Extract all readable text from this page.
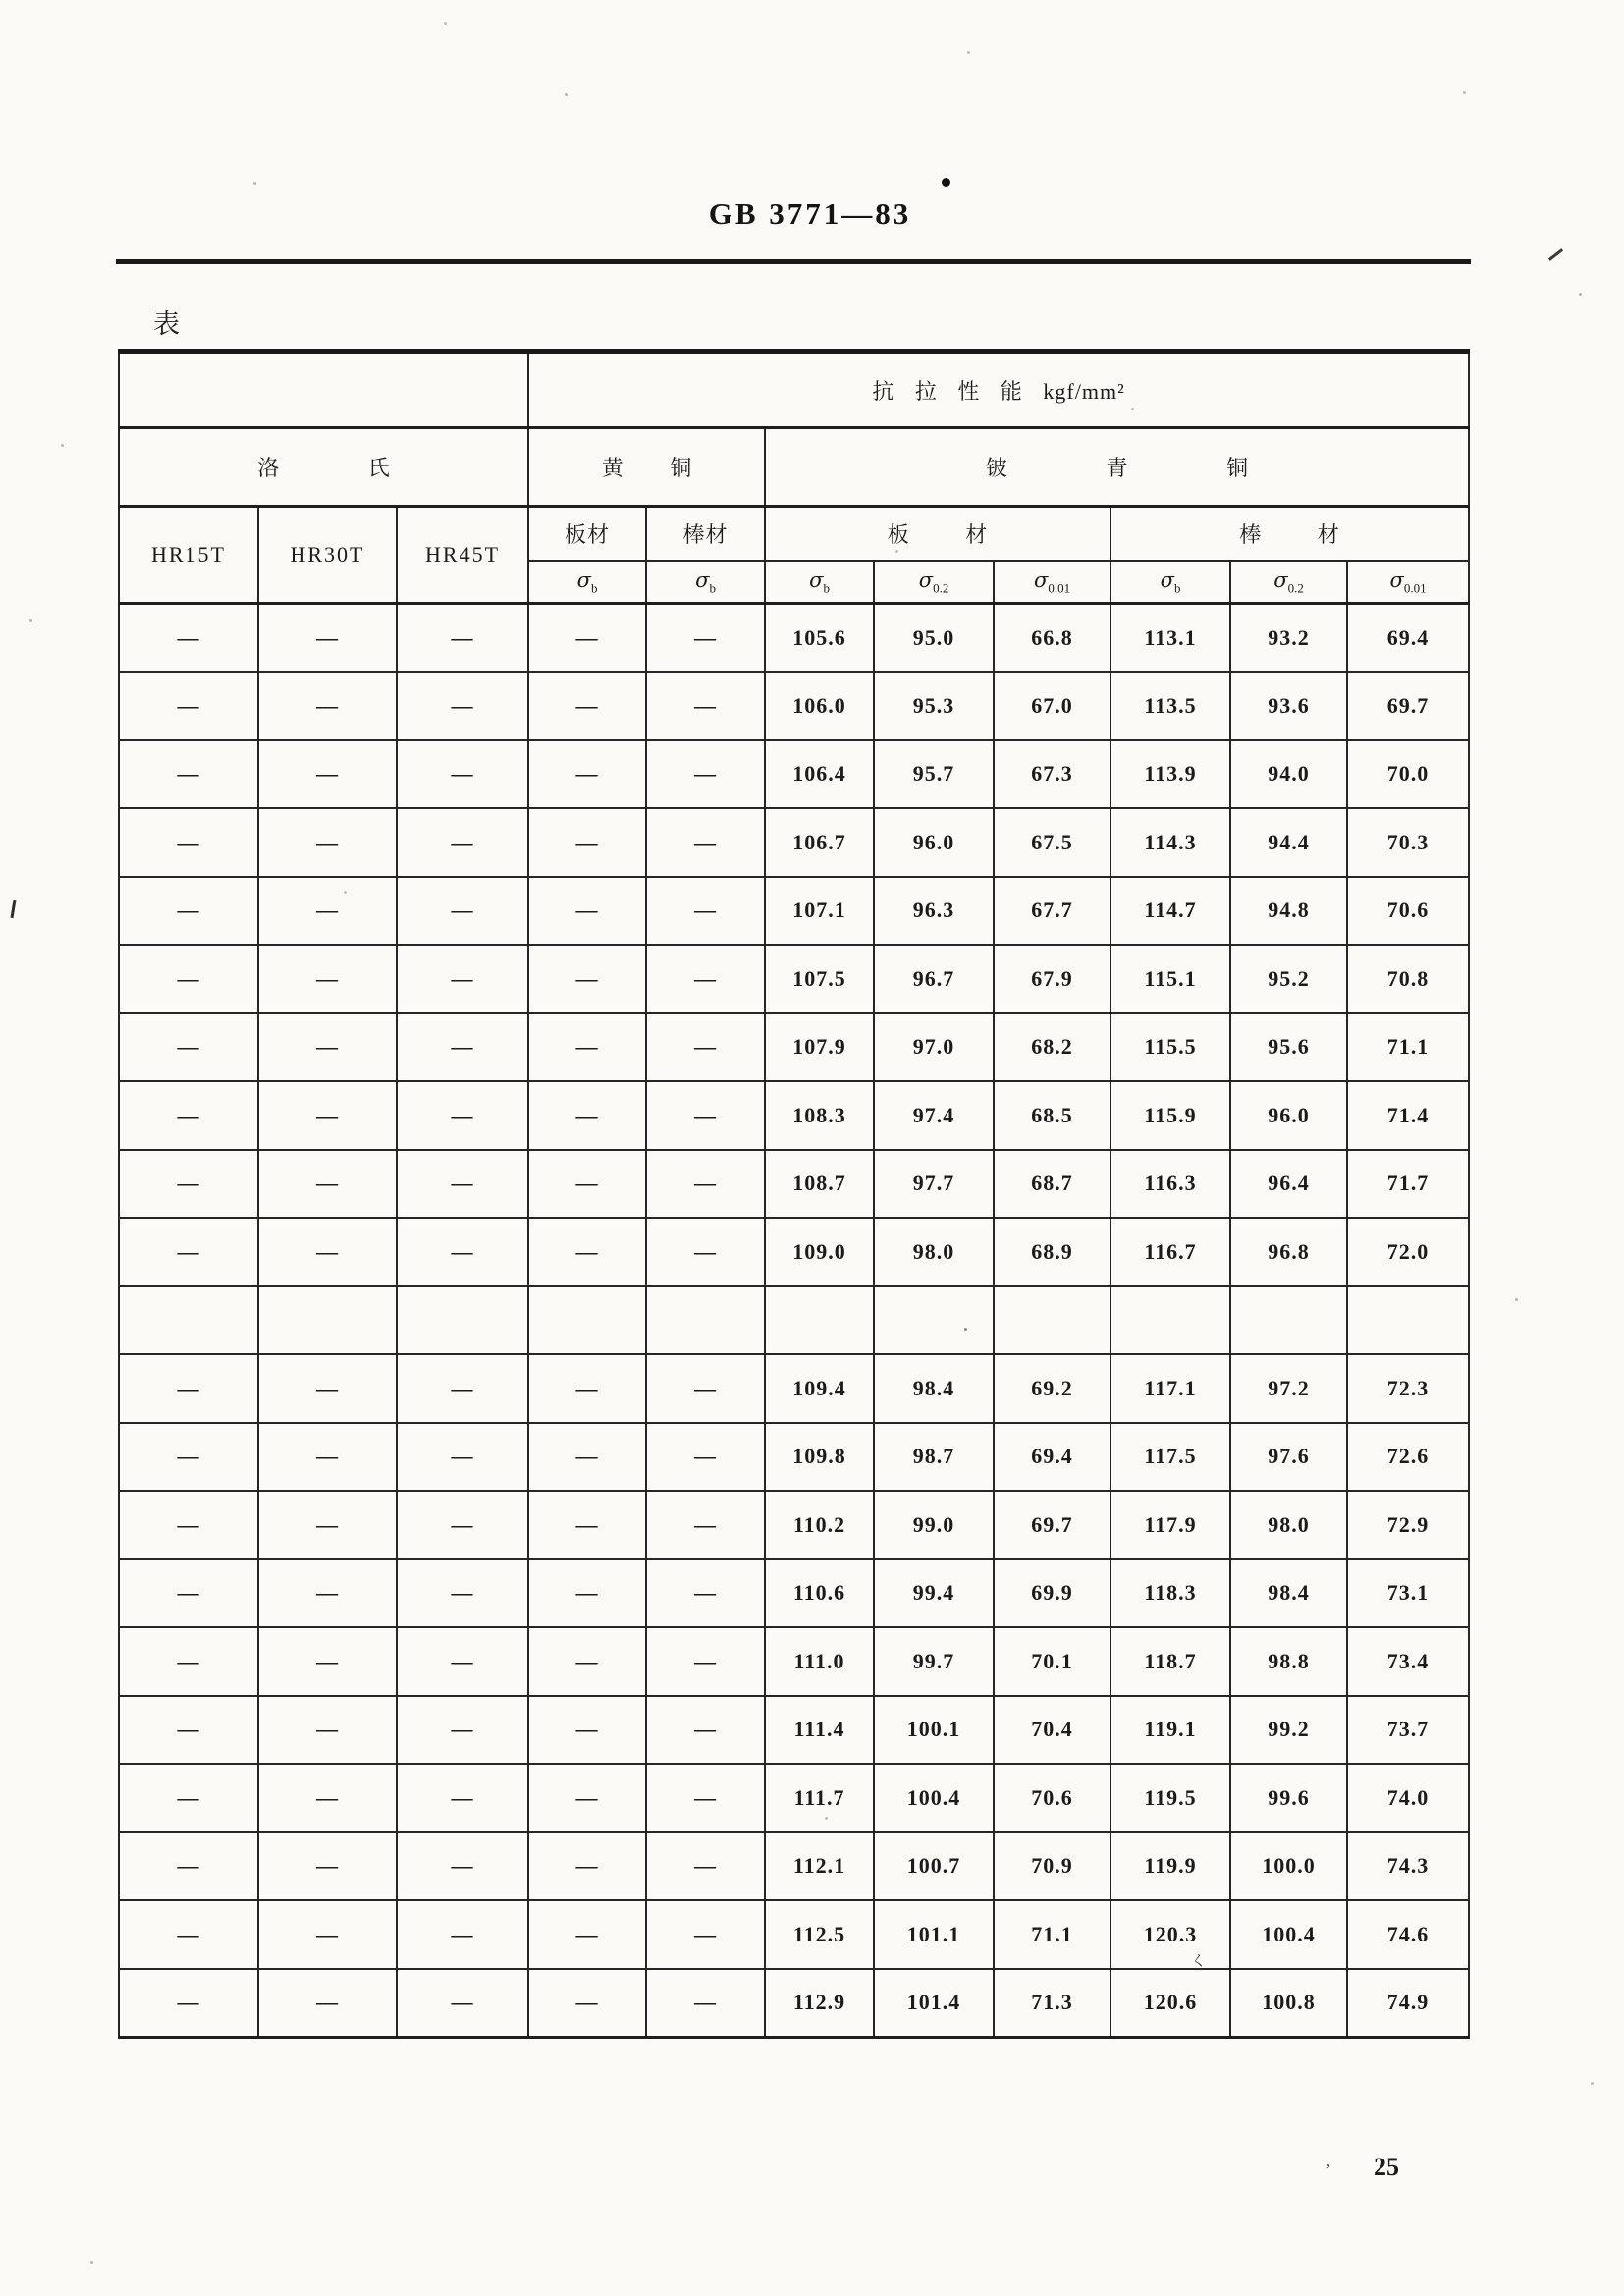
GB 3771—83
表
			抗 拉 性 能 kgf/mm²							
洛 氏			黄 铜		铍 青 铜					
HR15T	HR30T	HR45T	板材	棒材	板 材			棒 材		
			$\sigma_b$	$\sigma_b$	$\sigma_b$	$\sigma_{0.2}$	$\sigma_{0.01}$	$\sigma_b$	$\sigma_{0.2}$	$\sigma_{0.01}$
—	—	—	—	—	105.6	95.0	66.8	113.1	93.2	69.4
—	—	—	—	—	106.0	95.3	67.0	113.5	93.6	69.7
—	—	—	—	—	106.4	95.7	67.3	113.9	94.0	70.0
—	—	—	—	—	106.7	96.0	67.5	114.3	94.4	70.3
—	—	—	—	—	107.1	96.3	67.7	114.7	94.8	70.6
—	—	—	—	—	107.5	96.7	67.9	115.1	95.2	70.8
—	—	—	—	—	107.9	97.0	68.2	115.5	95.6	71.1
—	—	—	—	—	108.3	97.4	68.5	115.9	96.0	71.4
—	—	—	—	—	108.7	97.7	68.7	116.3	96.4	71.7
—	—	—	—	—	109.0	98.0	68.9	116.7	96.8	72.0

—	—	—	—	—	109.4	98.4	69.2	117.1	97.2	72.3
—	—	—	—	—	109.8	98.7	69.4	117.5	97.6	72.6
—	—	—	—	—	110.2	99.0	69.7	117.9	98.0	72.9
—	—	—	—	—	110.6	99.4	69.9	118.3	98.4	73.1
—	—	—	—	—	111.0	99.7	70.1	118.7	98.8	73.4
—	—	—	—	—	111.4	100.1	70.4	119.1	99.2	73.7
—	—	—	—	—	111.7	100.4	70.6	119.5	99.6	74.0
—	—	—	—	—	112.1	100.7	70.9	119.9	100.0	74.3
—	—	—	—	—	112.5	101.1	71.1	120.3	100.4	74.6
—	—	—	—	—	112.9	101.4	71.3	120.6	100.8	74.9
く
’	25
